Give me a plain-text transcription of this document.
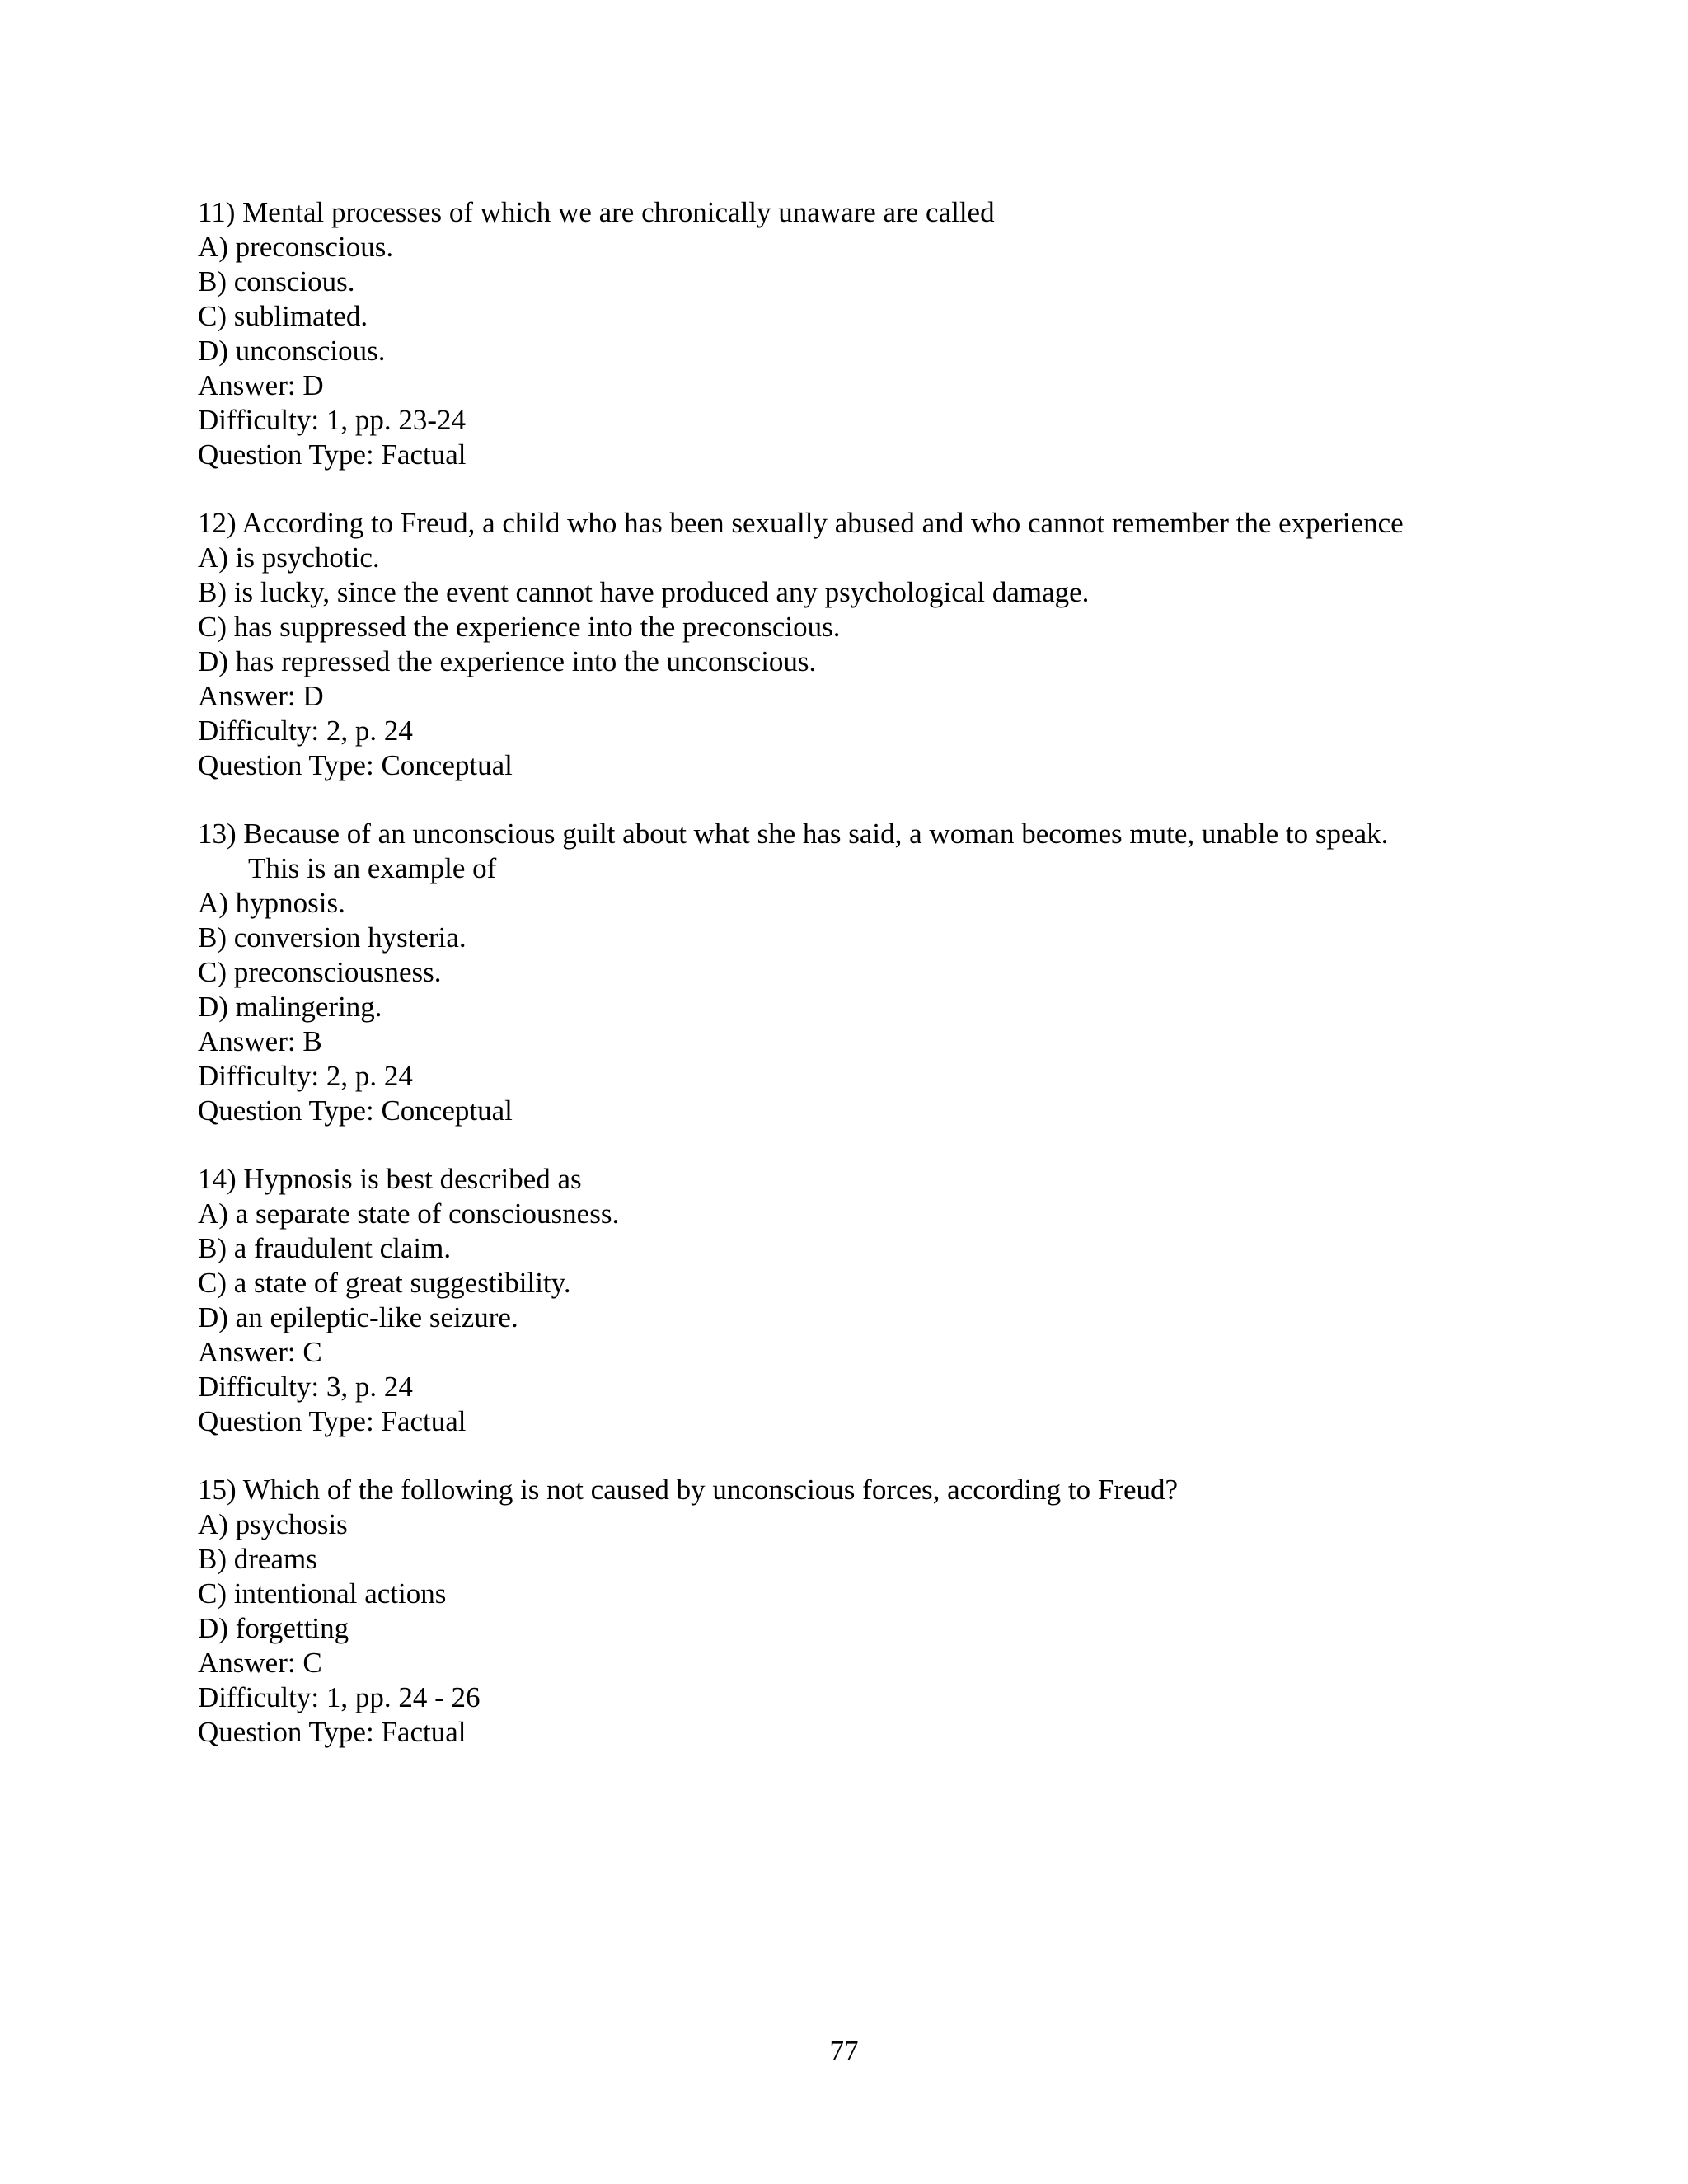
11) Mental processes of which we are chronically unaware are called
A) preconscious.
B) conscious.
C) sublimated.
D) unconscious.
Answer: D
Difficulty: 1, pp. 23-24
Question Type: Factual
12) According to Freud, a child who has been sexually abused and who cannot remember the experience
A) is psychotic.
B) is lucky, since the event cannot have produced any psychological damage.
C) has suppressed the experience into the preconscious.
D) has repressed the experience into the unconscious.
Answer: D
Difficulty: 2, p. 24
Question Type: Conceptual
13) Because of an unconscious guilt about what she has said, a woman becomes mute, unable to speak.
This is an example of
A) hypnosis.
B) conversion hysteria.
C) preconsciousness.
D) malingering.
Answer: B
Difficulty: 2, p. 24
Question Type: Conceptual
14) Hypnosis is best described as
A) a separate state of consciousness.
B) a fraudulent claim.
C) a state of great suggestibility.
D) an epileptic-like seizure.
Answer: C
Difficulty: 3, p. 24
Question Type: Factual
15) Which of the following is not caused by unconscious forces, according to Freud?
A) psychosis
B) dreams
C) intentional actions
D) forgetting
Answer: C
Difficulty: 1, pp. 24 - 26
Question Type: Factual
77
